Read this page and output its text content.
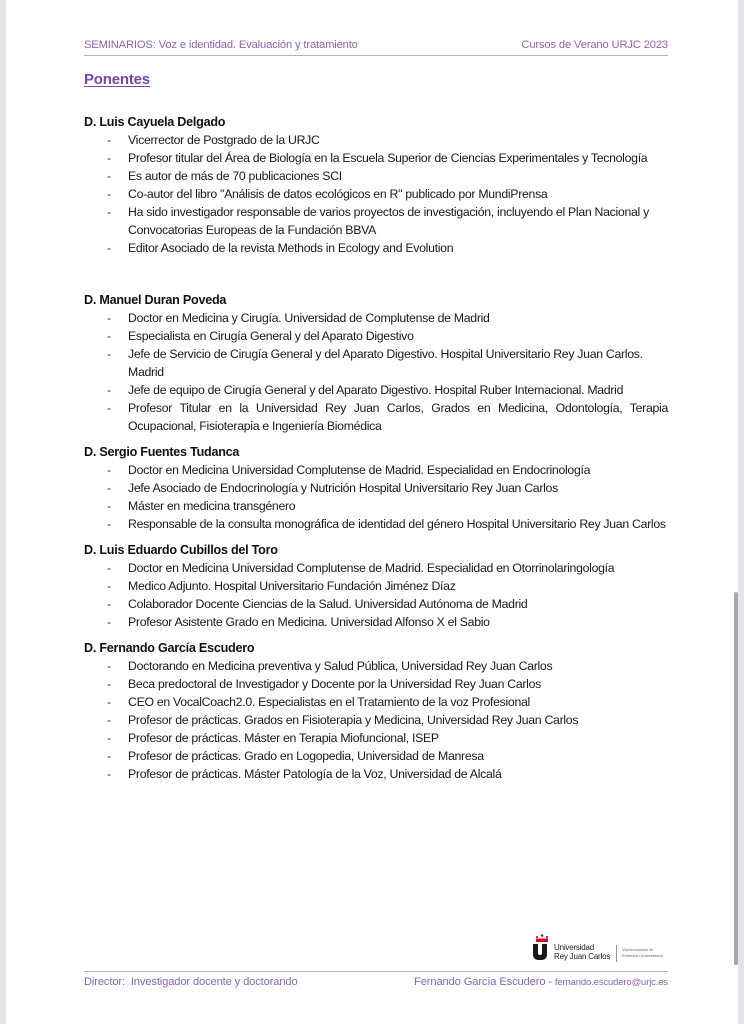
SEMINARIOS: Voz e identidad. Evaluación y tratamiento	Cursos de Verano URJC 2023
Ponentes
D. Luis Cayuela Delgado
- Vicerrector de Postgrado de la URJC
- Profesor titular del Área de Biología en la Escuela Superior de Ciencias Experimentales y Tecnología
- Es autor de más de 70 publicaciones SCI
- Co-autor del libro "Análisis de datos ecológicos en R" publicado por MundiPrensa
- Ha sido investigador responsable de varios proyectos de investigación, incluyendo el Plan Nacional y Convocatorias Europeas de la Fundación BBVA
- Editor Asociado de la revista Methods in Ecology and Evolution
D. Manuel Duran Poveda
- Doctor en Medicina y Cirugía. Universidad de Complutense de Madrid
- Especialista en Cirugía General y del Aparato Digestivo
- Jefe de Servicio de Cirugía General y del Aparato Digestivo. Hospital Universitario Rey Juan Carlos. Madrid
- Jefe de equipo de Cirugía General y del Aparato Digestivo. Hospital Ruber Internacional. Madrid
- Profesor Titular en la Universidad Rey Juan Carlos, Grados en Medicina, Odontología, Terapia Ocupacional, Fisioterapia e Ingeniería Biomédica
D. Sergio Fuentes Tudanca
- Doctor en Medicina Universidad Complutense de Madrid. Especialidad en Endocrinología
- Jefe Asociado de Endocrinología y Nutrición Hospital Universitario Rey Juan Carlos
- Máster en medicina transgénero
- Responsable de la consulta monográfica de identidad del género Hospital Universitario Rey Juan Carlos
D. Luis Eduardo Cubillos del Toro
- Doctor en Medicina Universidad Complutense de Madrid. Especialidad en Otorrinolaringología
- Medico Adjunto. Hospital Universitario Fundación Jiménez Díaz
- Colaborador Docente Ciencias de la Salud. Universidad Autónoma de Madrid
- Profesor Asistente Grado en Medicina. Universidad Alfonso X el Sabio
D. Fernando García Escudero
- Doctorando en Medicina preventiva y Salud Pública, Universidad Rey Juan Carlos
- Beca predoctoral de Investigador y Docente por la Universidad Rey Juan Carlos
- CEO en VocalCoach2.0. Especialistas en el Tratamiento de la voz Profesional
- Profesor de prácticas. Grados en Fisioterapia y Medicina, Universidad Rey Juan Carlos
- Profesor de prácticas. Máster en Terapia Miofuncional, ISEP
- Profesor de prácticas. Grado en Logopedia, Universidad de Manresa
- Profesor de prácticas. Máster Patología de la Voz, Universidad de Alcalá
Universidad
Rey Juan Carlos
Vicerrectorado de
Extensión Universitaria
Director:  Investigador docente y doctorando	Fernando García Escudero - fernando.escudero@urjc.es
